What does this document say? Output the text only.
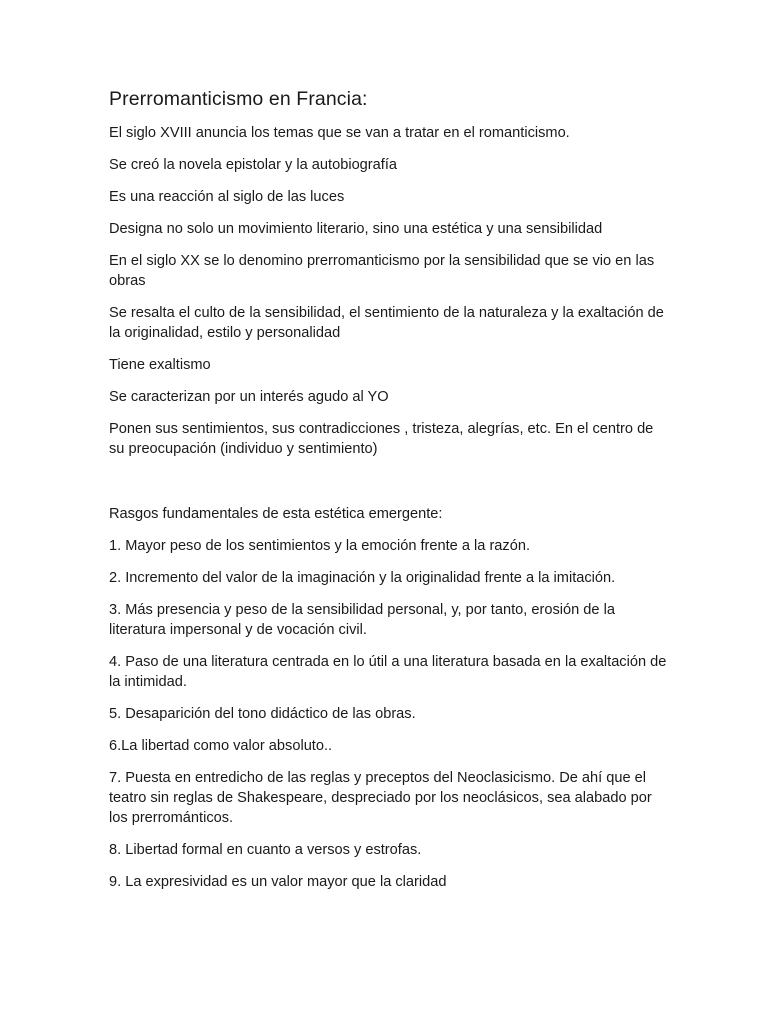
Prerromanticismo en Francia:

El siglo XVIII anuncia los temas que se van a tratar en el romanticismo.

Se creó la novela epistolar y la autobiografía

Es una reacción al siglo de las luces

Designa no solo un movimiento literario, sino una estética y una sensibilidad

En el siglo XX se lo denomino prerromanticismo por la sensibilidad que se vio en las obras

Se resalta el culto de la sensibilidad, el sentimiento de la naturaleza y la exaltación de la originalidad, estilo y personalidad

Tiene exaltismo

Se caracterizan por un interés agudo al YO

Ponen sus sentimientos, sus contradicciones , tristeza, alegrías, etc. En el centro de su preocupación (individuo y sentimiento)

Rasgos fundamentales de esta estética emergente:

1. Mayor peso de los sentimientos y la emoción frente a la razón.

2. Incremento del valor de la imaginación y la originalidad frente a la imitación.

3. Más presencia y peso de la sensibilidad personal, y, por tanto, erosión de la literatura impersonal y de vocación civil.

4. Paso de una literatura centrada en lo útil a una literatura basada en la exaltación de la intimidad.

5. Desaparición del tono didáctico de las obras.

6.La libertad como valor absoluto..

7. Puesta en entredicho de las reglas y preceptos del Neoclasicismo. De ahí que el teatro sin reglas de Shakespeare, despreciado por los neoclásicos, sea alabado por los prerrománticos.

8. Libertad formal en cuanto a versos y estrofas.

9. La expresividad es un valor mayor que la claridad
